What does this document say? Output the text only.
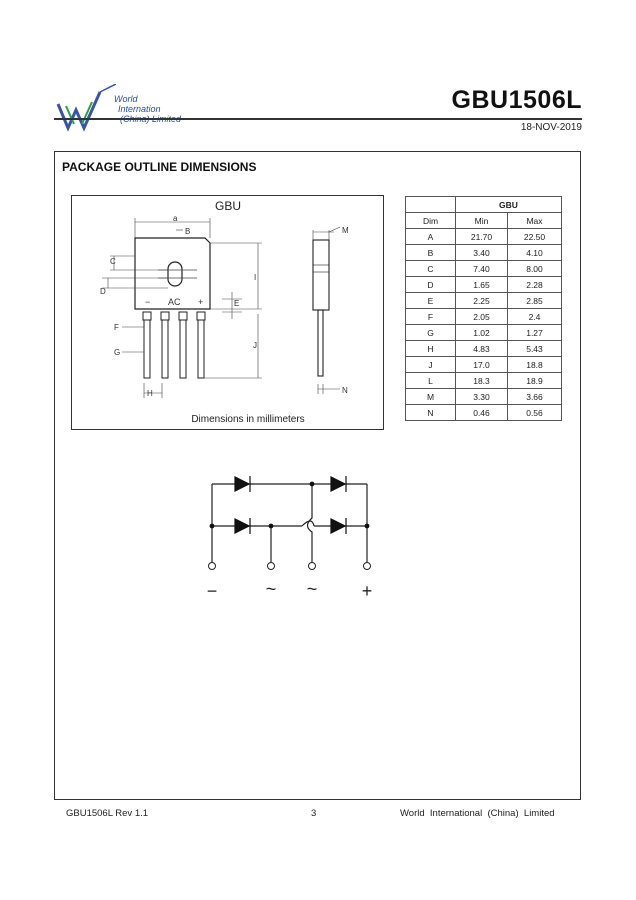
World
Internation	GBU1506L
18-NOV-2019
PACKAGE OUTLINE DIMENSIONS
GBU
− AC +
a
B
C
D
I
E
J
F
G
H
M
N
Dimensions in millimeters
	GBU	
Dim	Min	Max
A	21.70	22.50
B	3.40	4.10
C	7.40	8.00
D	1.65	2.28
E	2.25	2.85
F	2.05	2.4
G	1.02	1.27
H	4.83	5.43
J	17.0	18.8
L	18.3	18.9
M	3.30	3.66
N	0.46	0.56
−	~ ~ +
GBU1506L Rev 1.1	3	World  International  (China)  Limited
